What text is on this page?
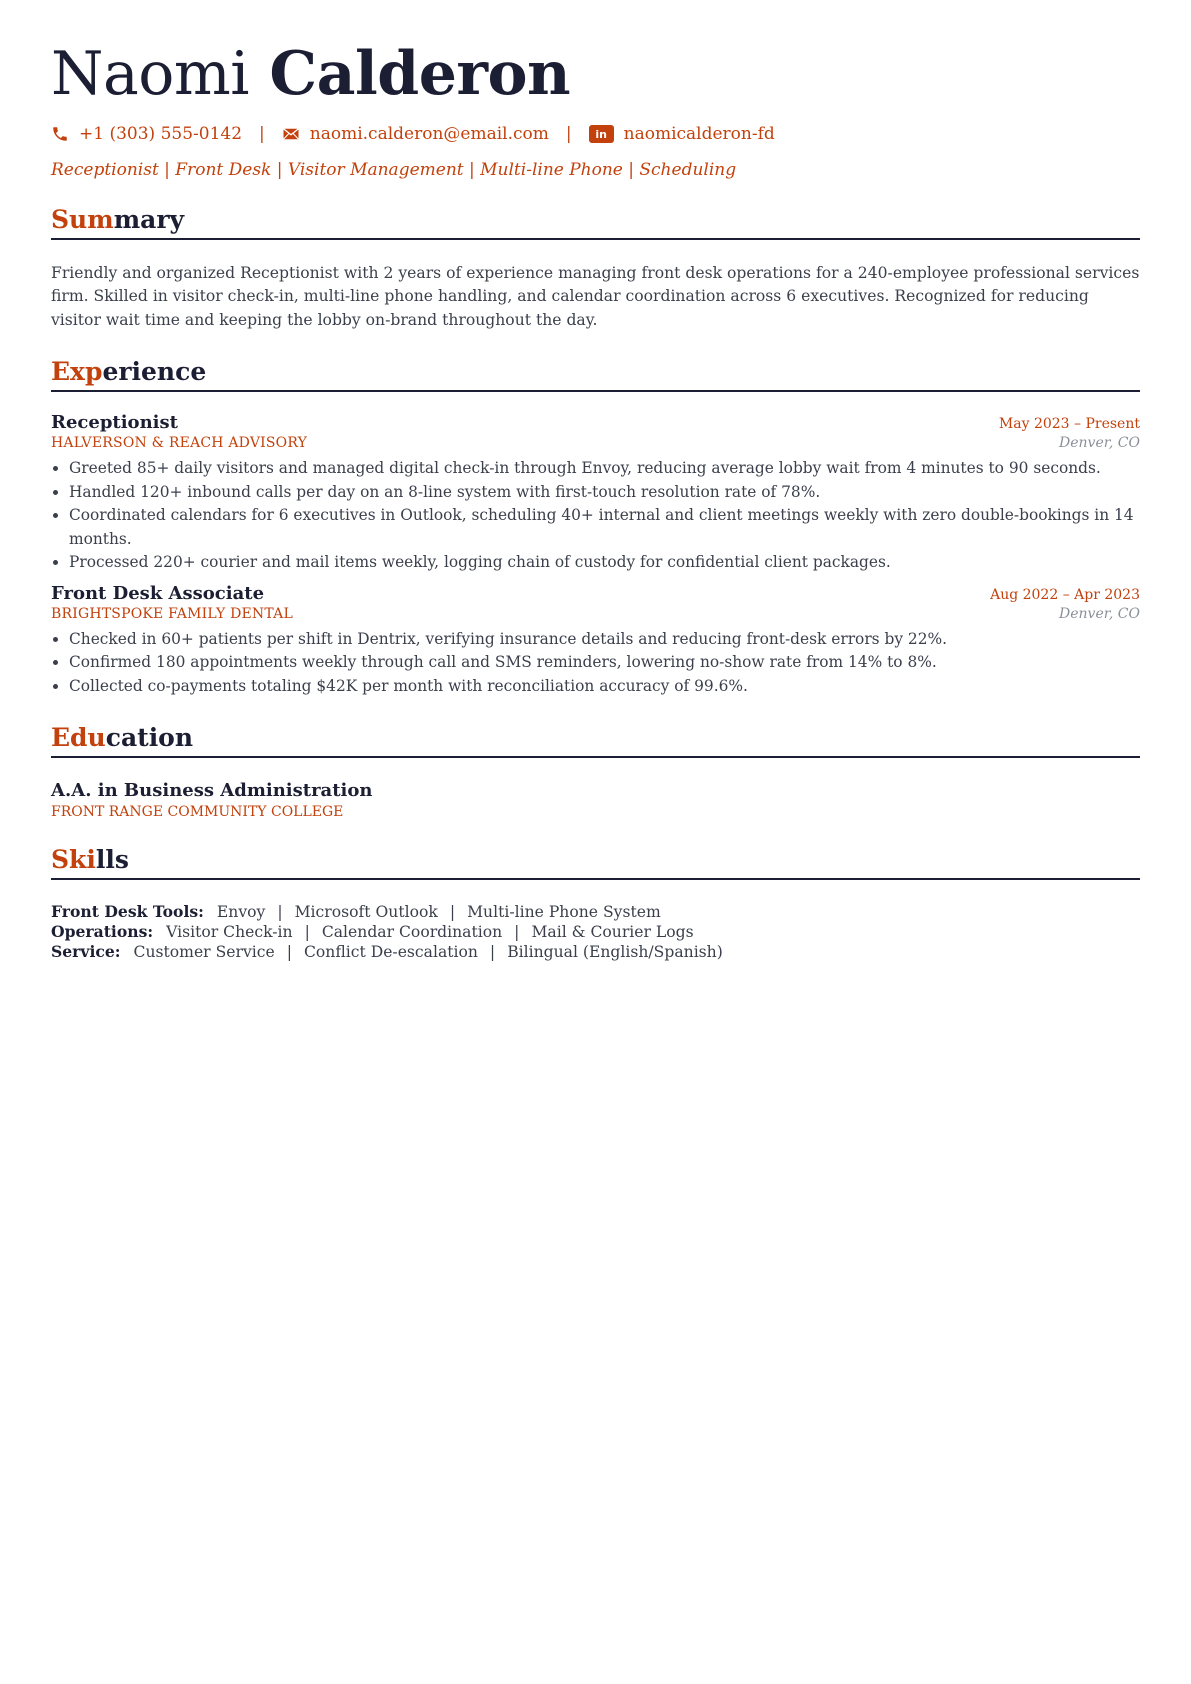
Naomi Calderon
+1 (303) 555-0142 |	naomi.calderon@email.com |	in naomicalderon-fd
Receptionist | Front Desk | Visitor Management | Multi-line Phone | Scheduling
Summary
Friendly and organized Receptionist with 2 years of experience managing front desk operations for a 240-employee professional services firm. Skilled in visitor check-in, multi-line phone handling, and calendar coordination across 6 executives. Recognized for reducing visitor wait time and keeping the lobby on-brand throughout the day.
Experience
Receptionist	May 2023 – Present
HALVERSON & REACH ADVISORY	Denver, CO
• Greeted 85+ daily visitors and managed digital check-in through Envoy, reducing average lobby wait from 4 minutes to 90 seconds.
• Handled 120+ inbound calls per day on an 8-line system with first-touch resolution rate of 78%.
• Coordinated calendars for 6 executives in Outlook, scheduling 40+ internal and client meetings weekly with zero double-bookings in 14 months.
• Processed 220+ courier and mail items weekly, logging chain of custody for confidential client packages.
Front Desk Associate	Aug 2022 – Apr 2023
BRIGHTSPOKE FAMILY DENTAL	Denver, CO
• Checked in 60+ patients per shift in Dentrix, verifying insurance details and reducing front-desk errors by 22%.
• Confirmed 180 appointments weekly through call and SMS reminders, lowering no-show rate from 14% to 8%.
• Collected co-payments totaling $42K per month with reconciliation accuracy of 99.6%.
Education
A.A. in Business Administration
FRONT RANGE COMMUNITY COLLEGE
Skills
Front Desk Tools: Envoy | Microsoft Outlook | Multi-line Phone System
Operations: Visitor Check-in | Calendar Coordination | Mail & Courier Logs
Service: Customer Service | Conflict De-escalation | Bilingual (English/Spanish)
